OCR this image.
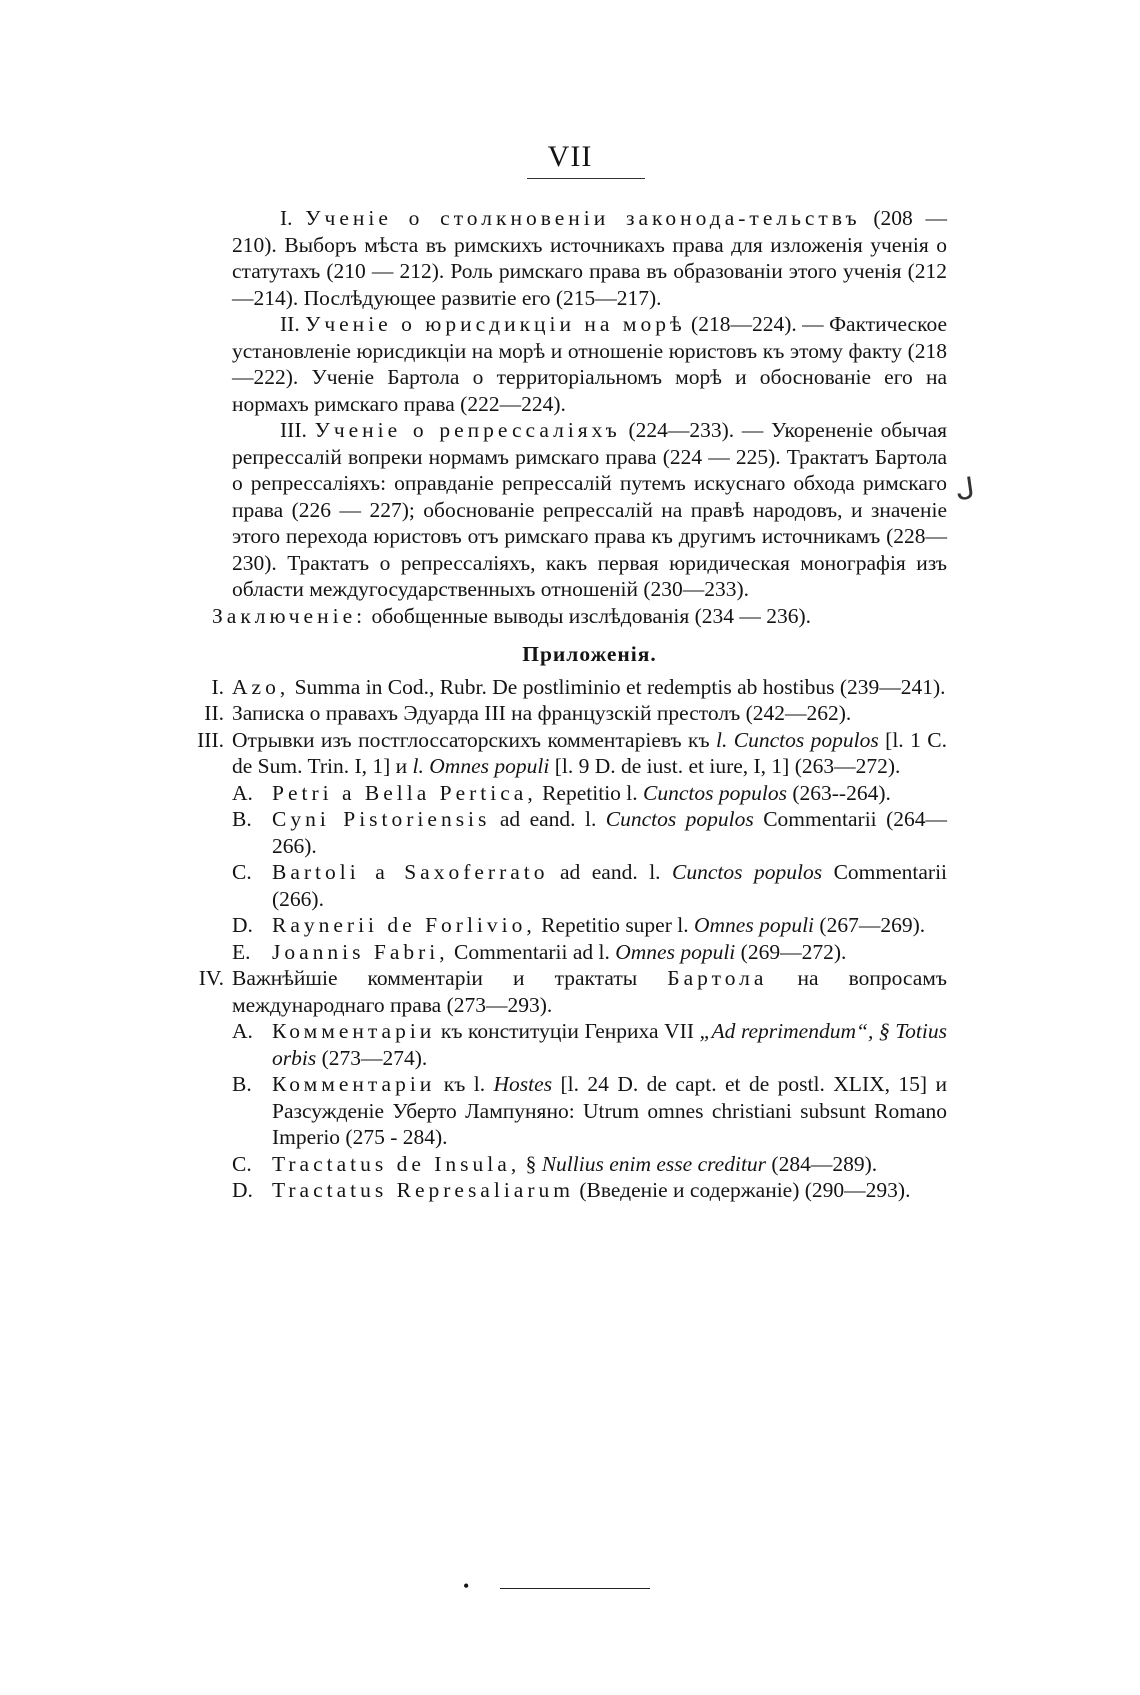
VII

I. Ученіе о столкновеніи законода-тельствъ (208 — 210). Выборъ мѣста въ римскихъ источникахъ права для изложенія ученія о статутахъ (210 — 212). Роль римскаго права въ образованіи этого ученія (212—214). Послѣдующее развитіе его (215—217).

II. Ученіе о юрисдикціи на морѣ (218—224). — Фактическое установленіе юрисдикціи на морѣ и отношеніе юристовъ къ этому факту (218—222). Ученіе Бартола о территоріальномъ морѣ и обоснованіе его на нормахъ римскаго права (222—224).

III. Ученіе о репрессаліяхъ (224—233). — Укорененіе обычая репрессалій вопреки нормамъ римскаго права (224 — 225). Трактатъ Бартола о репрессаліяхъ: оправданіе репрессалій путемъ искуснаго обхода римскаго права (226 — 227); обоснованіе репрессалій на правѣ народовъ, и значеніе этого перехода юристовъ отъ римскаго права къ другимъ источникамъ (228—230). Трактатъ о репрессаліяхъ, какъ первая юридическая монографія изъ области междугосударственныхъ отношеній (230—233).

Заключеніе: обобщенные выводы изслѣдованія (234 — 236).

Приложенія.
I. Azo, Summa in Cod., Rubr. De postliminio et redemptis ab hostibus (239—241).
II. Записка о правахъ Эдуарда III на французскій престолъ (242—262).
III. Отрывки изъ постглоссаторскихъ комментаріевъ къ l. Cunctos populos [l. 1 C. de Sum. Trin. I, 1] и l. Omnes populi [l. 9 D. de iust. et iure, I, 1] (263—272).
A. Petri a Bella Pertica, Repetitio l. Cunctos populos (263--264).
B. Cyni Pistoriensis ad eand. l. Cunctos populos Commentarii (264—266).
C. Bartoli a Saxoferrato ad eand. l. Cunctos populos Commentarii (266).
D. Raynerii de Forlivio, Repetitio super l. Omnes populi (267—269).
E. Joannis Fabri, Commentarii ad l. Omnes populi (269—272).
IV. Важнѣйшіе комментаріи и трактаты Бартола на вопросамъ международнаго права (273—293).
A. Комментаріи къ конституціи Генриха VII „Ad reprimendum“, § Totius orbis (273—274).
B. Комментаріи къ l. Hostes [l. 24 D. de capt. et de postl. XLIX, 15] и Разсужденіе Уберто Лампуняно: Utrum omnes christiani subsunt Romano Imperio (275 - 284).
C. Tractatus de Insula, § Nullius enim esse creditur (284—289).
D. Tractatus Represaliarum (Введеніе и содержаніе) (290—293).
ᒍ
•
